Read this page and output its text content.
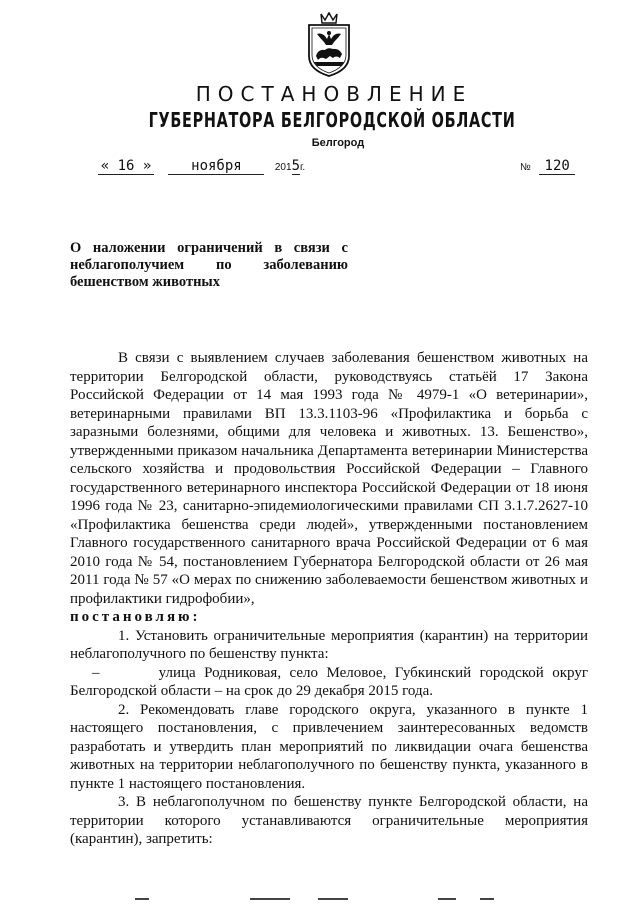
ПОСТАНОВЛЕНИЕ
ГУБЕРНАТОРА БЕЛГОРОДСКОЙ ОБЛАСТИ
Белгород
« 16 »	ноября	2015г.	№ 120
О наложении ограничений в связи с
неблагополучием по заболеванию
бешенством животных

В связи с выявлением случаев заболевания бешенством животных на территории Белгородской области, руководствуясь статьёй 17 Закона Российской Федерации от 14 мая 1993 года № 4979-1 «О ветеринарии», ветеринарными правилами ВП 13.3.1103-96 «Профилактика и борьба с заразными болезнями, общими для человека и животных. 13. Бешенство», утвержденными приказом начальника Департамента ветеринарии Министерства сельского хозяйства и продовольствия Российской Федерации – Главного государственного ветеринарного инспектора Российской Федерации от 18 июня 1996 года № 23, санитарно-эпидемиологическими правилами СП 3.1.7.2627-10 «Профилактика бешенства среди людей», утвержденными постановлением Главного государственного санитарного врача Российской Федерации от 6 мая 2010 года № 54, постановлением Губернатора Белгородской области от 26 мая 2011 года № 57 «О мерах по снижению заболеваемости бешенством животных и профилактики гидрофобии»,
постановляю:

1. Установить ограничительные мероприятия (карантин) на территории неблагополучного по бешенству пункта:

–	улица Родниковая, село Меловое, Губкинский городской округ Белгородской области – на срок до 29 декабря 2015 года.

2. Рекомендовать главе городского округа, указанного в пункте 1 настоящего постановления, с привлечением заинтересованных ведомств разработать и утвердить план мероприятий по ликвидации очага бешенства животных на территории неблагополучного по бешенству пункта, указанного в пункте 1 настоящего постановления.

3. В неблагополучном по бешенству пункте Белгородской области, на территории которого устанавливаются ограничительные мероприятия (карантин), запретить:
